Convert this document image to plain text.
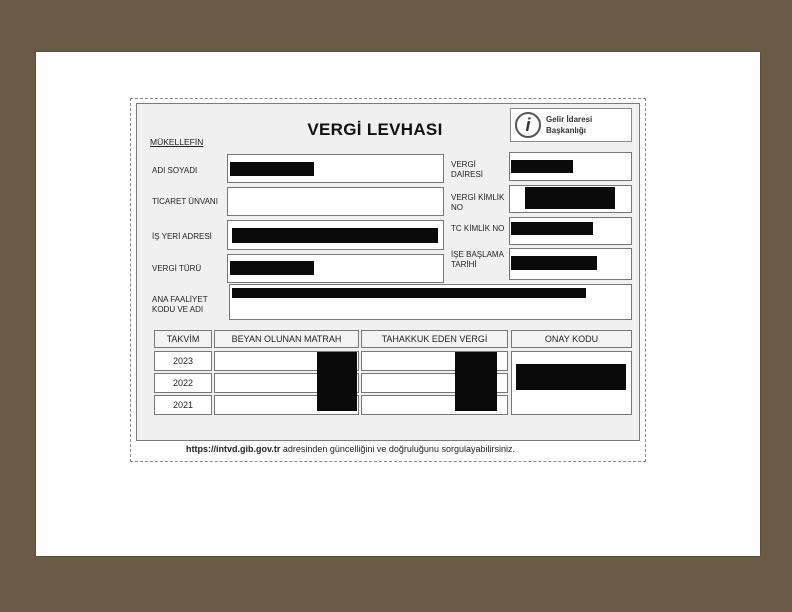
VERGİ LEVHASI
MÜKELLEFİN
i	Gelir İdaresi
Başkanlığı
ADI SOYADI
TİCARET ÜNVANI
İŞ YERİ ADRESİ
VERGİ TÜRÜ
ANA FAALİYET
KODU VE ADI
VERGİ
DAİRESİ
VERGİ KİMLİK
NO
TC KİMLİK NO
İŞE BAŞLAMA
TARİHİ
TAKVİM	BEYAN OLUNAN MATRAH	TAHAKKUK EDEN VERGİ	ONAY KODU
2023
2022
2021
https://intvd.gib.gov.tr adresinden güncelliğini ve doğruluğunu sorgulayabilirsiniz.
